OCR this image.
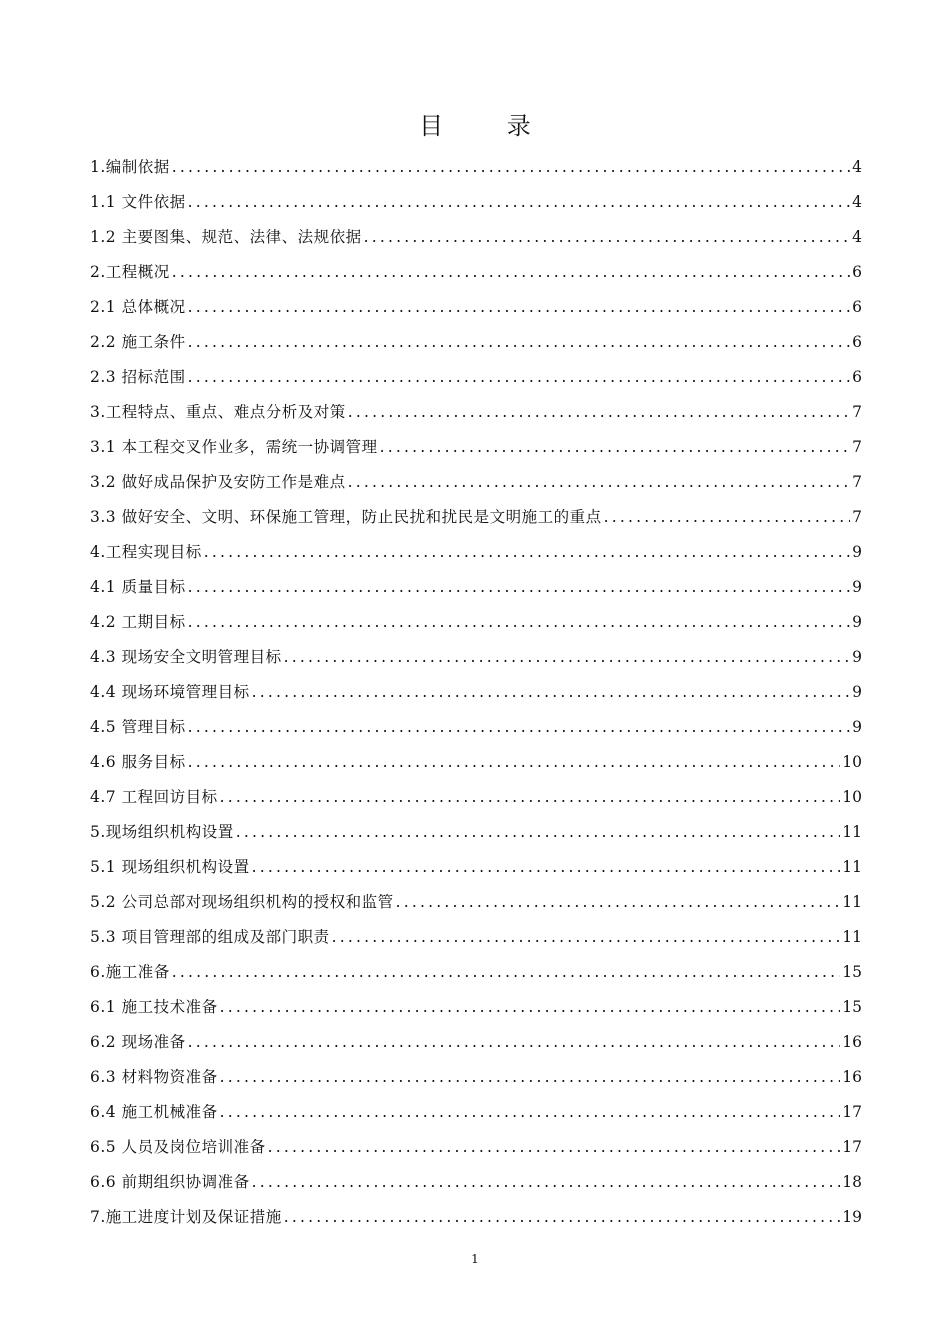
目 录
1.编制依据 .....	4
1.1 文件依据 .....	4
1.2 主要图集、规范、法律、法规依据 .....	4
2.工程概况 .....	6
2.1 总体概况 .....	6
2.2 施工条件 .....	6
2.3 招标范围 .....	6
3.工程特点、重点、难点分析及对策 .....	7
3.1 本工程交叉作业多，需统一协调管理 .....	7
3.2 做好成品保护及安防工作是难点 .....	7
3.3 做好安全、文明、环保施工管理，防止民扰和扰民是文明施工的重点 .....	7
4.工程实现目标 .....	9
4.1 质量目标 .....	9
4.2 工期目标 .....	9
4.3 现场安全文明管理目标 .....	9
4.4 现场环境管理目标 .....	9
4.5 管理目标 .....	9
4.6 服务目标 .....	10
4.7 工程回访目标 .....	10
5.现场组织机构设置 .....	11
5.1 现场组织机构设置 .....	11
5.2 公司总部对现场组织机构的授权和监管 .....	11
5.3 项目管理部的组成及部门职责 .....	11
6.施工准备 .....	15
6.1 施工技术准备 .....	15
6.2 现场准备 .....	16
6.3 材料物资准备 .....	16
6.4 施工机械准备 .....	17
6.5 人员及岗位培训准备 .....	17
6.6 前期组织协调准备 .....	18
7.施工进度计划及保证措施 .....	19
1
